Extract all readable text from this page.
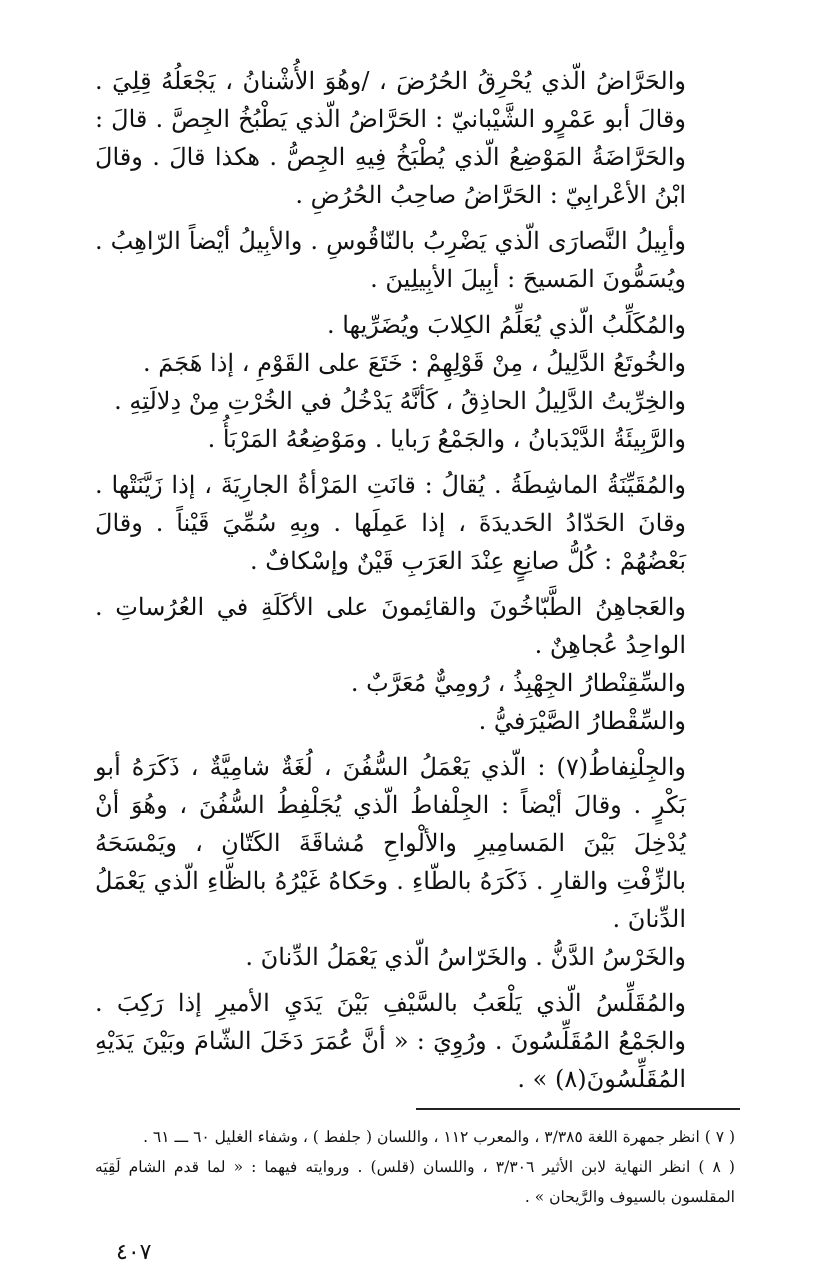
والحَرَّاضُ الّذي يُحْرِقُ الحُرُضَ ، /وهُوَ الأُشْنانُ ، يَجْعَلُهُ قِلِيَ . وقالَ أبو عَمْرٍو الشَّيْبانيّ : الحَرَّاضُ الّذي يَطْبُخُ الجِصَّ . قالَ : والحَرَّاضَةُ المَوْضِعُ الّذي يُطْبَخُ فِيهِ الجِصُّ . هكذا قالَ . وقالَ ابْنُ الأعْرابِيّ : الحَرَّاضُ صاحِبُ الحُرُضِ .

وأبِيلُ النَّصارَى الّذي يَضْرِبُ بالنّاقُوسِ . والأبِيلُ أيْضاً الرّاهِبُ . ويُسَمُّونَ المَسيحَ : أبِيلَ الأبِيلِينَ .

والمُكَلِّبُ الّذي يُعَلِّمُ الكِلابَ ويُضَرِّيها .

والخُوتَعُ الدَّلِيلُ ، مِنْ قَوْلِهِمْ : خَتَعَ على القَوْمِ ، إذا هَجَمَ .

والخِرِّيتُ الدَّلِيلُ الحاذِقُ ، كَأنَّهُ يَدْخُلُ في الخُرْتِ مِنْ دِلالَتِهِ .

والرَّبِيئَةُ الدَّيْدَبانُ ، والجَمْعُ رَبايا . ومَوْضِعُهُ المَرْبَأُ .

والمُقَيِّنَةُ الماشِطَةُ . يُقالُ : قانَتِ المَرْأةُ الجارِيَةَ ، إذا زَيَّنَتْها . وقانَ الحَدّادُ الحَديدَةَ ، إذا عَمِلَها . وبِهِ سُمِّيَ قَيْناً . وقالَ بَعْضُهُمْ : كُلُّ صانِعٍ عِنْدَ العَرَبِ قَيْنٌ وإسْكافٌ .

والعَجاهِنُ الطَّبّاخُونَ والقائِمونَ على الأكَلَةِ في العُرُساتِ . الواحِدُ عُجاهِنٌ .

والسِّقِنْطارُ الجِهْبِذُ ، رُومِيٌّ مُعَرَّبٌ .

والسِّقْطارُ الصَّيْرَفيُّ .

والجِلْنِفاطُ(٧) : الّذي يَعْمَلُ السُّفُنَ ، لُغَةٌ شامِيَّةٌ ، ذَكَرَهُ أبو بَكْرٍ . وقالَ أيْضاً : الجِلْفاطُ الّذي يُجَلْفِطُ السُّفُنَ ، وهُوَ أنْ يُدْخِلَ بَيْنَ المَسامِيرِ والألْواحِ مُشاقَةَ الكَتّانِ ، ويَمْسَحَهُ بالزِّفْتِ والقارِ . ذَكَرَهُ بالطّاءِ . وحَكاهُ غَيْرُهُ بالظّاءِ الّذي يَعْمَلُ الدِّنانَ .

والخَرْسُ الدَّنُّ . والخَرّاسُ الّذي يَعْمَلُ الدِّنانَ .

والمُقَلِّسُ الّذي يَلْعَبُ بالسَّيْفِ بَيْنَ يَدَيِ الأميرِ إذا رَكِبَ . والجَمْعُ المُقَلِّسُونَ . ورُوِيَ : « أنَّ عُمَرَ دَخَلَ الشّامَ وبَيْنَ يَدَيْهِ المُقَلِّسُونَ(٨) » .

( ٧ ) انظر جمهرة اللغة ٣/٣٨٥ ، والمعرب ١١٢ ، واللسان ( جلفط ) ، وشفاء الغليل ٦٠ ـــ ٦١ .

( ٨ ) انظر النهاية لابن الأثير ٣/٣٠٦ ، واللسان (قلس) . وروايته فيهما : « لما قدم الشام لَقِيَه المقلسون بالسيوف والرَّيحان » .

٤٠٧
